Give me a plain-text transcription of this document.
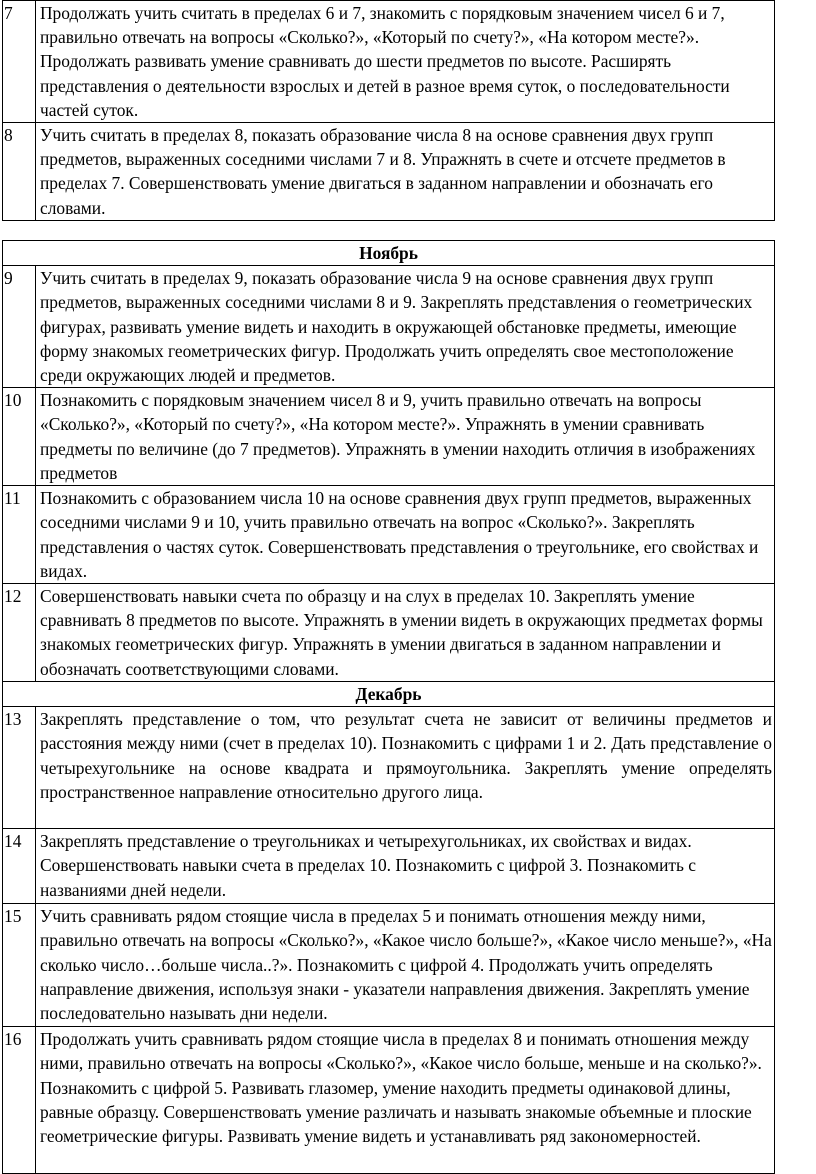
7	Продолжать учить считать в пределах 6 и 7, знакомить с порядковым значением чисел 6 и 7, правильно отвечать на вопросы «Сколько?», «Который по счету?», «На котором месте?». Продолжать развивать умение сравнивать до шести предметов по высоте. Расширять представления о деятельности взрослых и детей в разное время суток, о последовательности частей суток.
8	Учить считать в пределах 8, показать образование числа 8 на основе сравнения двух групп предметов, выраженных соседними числами 7 и 8. Упражнять в счете и отсчете предметов в пределах 7. Совершенствовать умение двигаться в заданном направлении и обозначать его словами.
Ноябрь	
9	Учить считать в пределах 9, показать образование числа 9 на основе сравнения двух групп предметов, выраженных соседними числами 8 и 9. Закреплять представления о геометрических фигурах, развивать умение видеть и находить в окружающей обстановке предметы, имеющие форму знакомых геометрических фигур. Продолжать учить определять свое местоположение среди окружающих людей и предметов.
10	Познакомить с порядковым значением чисел 8 и 9, учить правильно отвечать на вопросы «Сколько?», «Который по счету?», «На котором месте?». Упражнять в умении сравнивать предметы по величине (до 7 предметов). Упражнять в умении находить отличия в изображениях предметов
11	Познакомить с образованием числа 10 на основе сравнения двух групп предметов, выраженных соседними числами 9 и 10, учить правильно отвечать на вопрос «Сколько?». Закреплять представления о частях суток. Совершенствовать представления о треугольнике, его свойствах и видах.
12	Совершенствовать навыки счета по образцу и на слух в пределах 10. Закреплять умение сравнивать 8 предметов по высоте. Упражнять в умении видеть в окружающих предметах формы знакомых геометрических фигур. Упражнять в умении двигаться в заданном направлении и обозначать соответствующими словами.
Декабрь	
13	Закреплять представление о том, что результат счета не зависит от величины предметов и расстояния между ними (счет в пределах 10). Познакомить с цифрами 1 и 2. Дать представление о четырехугольнике на основе квадрата и прямоугольника. Закреплять умение определять пространственное направление относительно другого лица.
14	Закреплять представление о треугольниках и четырехугольниках, их свойствах и видах. Совершенствовать навыки счета в пределах 10. Познакомить с цифрой 3. Познакомить с названиями дней недели.
15	Учить сравнивать рядом стоящие числа в пределах 5 и понимать отношения между ними, правильно отвечать на вопросы «Сколько?», «Какое число больше?», «Какое число меньше?», «На сколько число…больше числа..?». Познакомить с цифрой 4. Продолжать учить определять направление движения, используя знаки - указатели направления движения. Закреплять умение последовательно называть дни недели.
16	Продолжать учить сравнивать рядом стоящие числа в пределах 8 и понимать отношения между ними, правильно отвечать на вопросы «Сколько?», «Какое число больше, меньше и на сколько?». Познакомить с цифрой 5. Развивать глазомер, умение находить предметы одинаковой длины, равные образцу. Совершенствовать умение различать и называть знакомые объемные и плоские геометрические фигуры. Развивать умение видеть и устанавливать ряд закономерностей.
